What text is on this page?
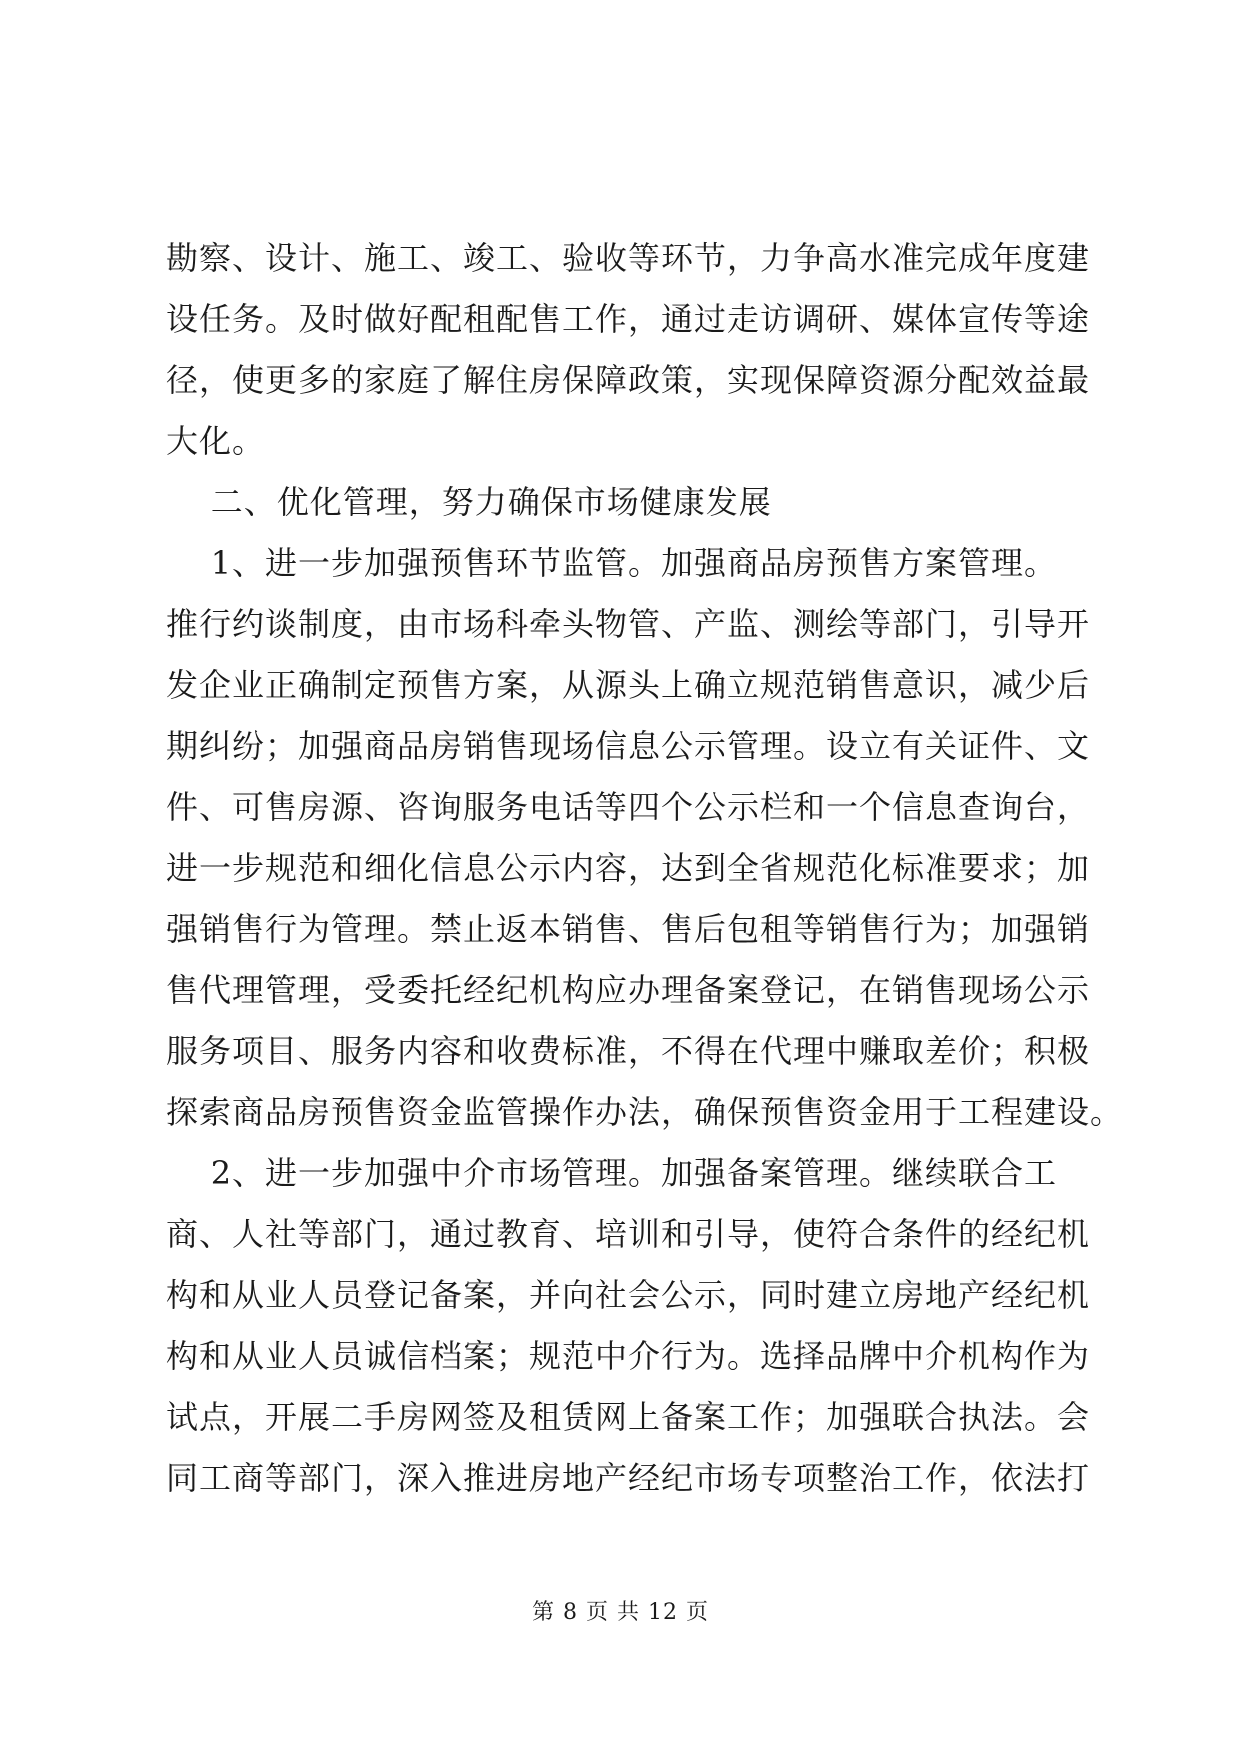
勘察、设计、施工、竣工、验收等环节，力争高水准完成年度建
设任务。及时做好配租配售工作，通过走访调研、媒体宣传等途
径，使更多的家庭了解住房保障政策，实现保障资源分配效益最
大化。
二、优化管理，努力确保市场健康发展
1、进一步加强预售环节监管。加强商品房预售方案管理。
推行约谈制度，由市场科牵头物管、产监、测绘等部门，引导开
发企业正确制定预售方案，从源头上确立规范销售意识，减少后
期纠纷；加强商品房销售现场信息公示管理。设立有关证件、文
件、可售房源、咨询服务电话等四个公示栏和一个信息查询台，
进一步规范和细化信息公示内容，达到全省规范化标准要求；加
强销售行为管理。禁止返本销售、售后包租等销售行为；加强销
售代理管理，受委托经纪机构应办理备案登记，在销售现场公示
服务项目、服务内容和收费标准，不得在代理中赚取差价；积极
探索商品房预售资金监管操作办法，确保预售资金用于工程建设。
2、进一步加强中介市场管理。加强备案管理。继续联合工
商、人社等部门，通过教育、培训和引导，使符合条件的经纪机
构和从业人员登记备案，并向社会公示，同时建立房地产经纪机
构和从业人员诚信档案；规范中介行为。选择品牌中介机构作为
试点，开展二手房网签及租赁网上备案工作；加强联合执法。会
同工商等部门，深入推进房地产经纪市场专项整治工作，依法打
第 8 页 共 12 页
